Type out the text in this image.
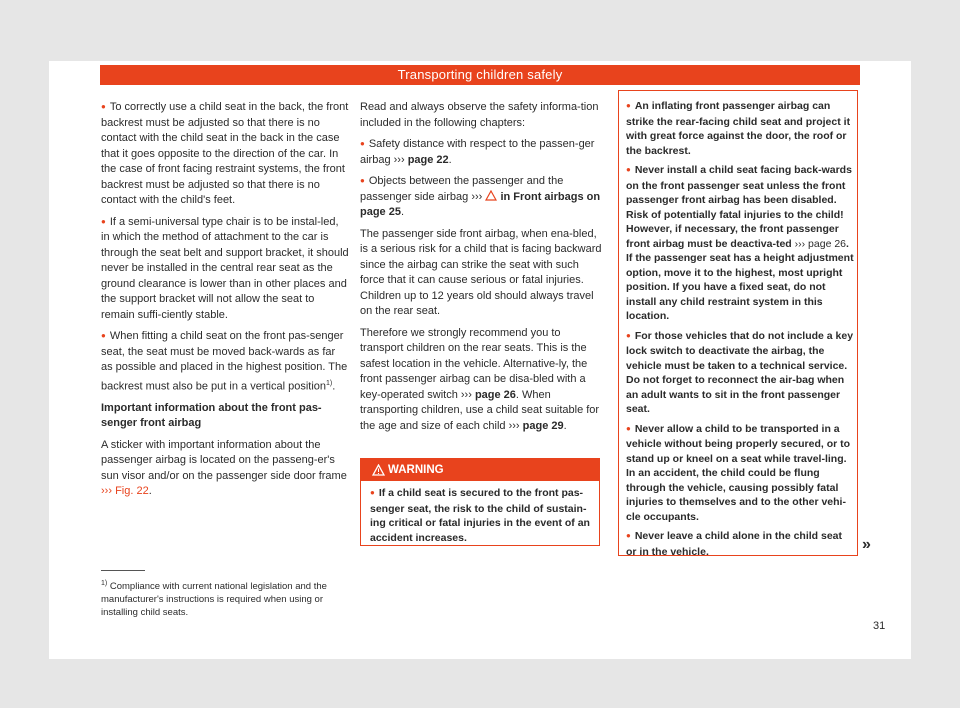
Transporting children safely

● To correctly use a child seat in the back, the front backrest must be adjusted so that there is no contact with the child seat in the back in the case that it goes opposite to the direction of the car. In the case of front facing restraint systems, the front backrest must be adjusted so that there is no contact with the child's feet.

● If a semi-universal type chair is to be instal-led, in which the method of attachment to the car is through the seat belt and support bracket, it should never be installed in the central rear seat as the ground clearance is lower than in other places and the support bracket will not allow the seat to remain suffi-ciently stable.

● When fitting a child seat on the front pas-senger seat, the seat must be moved back-wards as far as possible and placed in the highest position. The backrest must also be put in a vertical position$^{1)}$.

Important information about the front pas-senger front airbag

A sticker with important information about the passenger airbag is located on the passeng-er's sun visor and/or on the passenger side door frame ››› Fig. 22.

Read and always observe the safety informa-tion included in the following chapters:

● Safety distance with respect to the passen-ger airbag ››› page 22.

● Objects between the passenger and the passenger side airbag ››› in Front airbags on page 25.

The passenger side front airbag, when ena-bled, is a serious risk for a child that is facing backward since the airbag can strike the seat with such force that it can cause serious or fatal injuries. Children up to 12 years old should always travel on the rear seat.

Therefore we strongly recommend you to transport children on the rear seats. This is the safest location in the vehicle. Alternative-ly, the front passenger airbag can be disa-bled with a key-operated switch ››› page 26. When transporting children, use a child seat suitable for the age and size of each child ››› page 29.

WARNING
● If a child seat is secured to the front pas-senger seat, the risk to the child of sustain-ing critical or fatal injuries in the event of an accident increases.

● An inflating front passenger airbag can strike the rear-facing child seat and project it with great force against the door, the roof or the backrest.

● Never install a child seat facing back-wards on the front passenger seat unless the front passenger front airbag has been disabled. Risk of potentially fatal injuries to the child! However, if necessary, the front passenger front airbag must be deactiva-ted ››› page 26. If the passenger seat has a height adjustment option, move it to the highest, most upright position. If you have a fixed seat, do not install any child restraint system in this location.

● For those vehicles that do not include a key lock switch to deactivate the airbag, the vehicle must be taken to a technical service. Do not forget to reconnect the air-bag when an adult wants to sit in the front passenger seat.

● Never allow a child to be transported in a vehicle without being properly secured, or to stand up or kneel on a seat while travel-ling. In an accident, the child could be flung through the vehicle, causing possibly fatal injuries to themselves and to the other vehi-cle occupants.

● Never leave a child alone in the child seat or in the vehicle.	»
$^{1)}$ Compliance with current national legislation and the manufacturer's instructions is required when using or installing child seats.
31
